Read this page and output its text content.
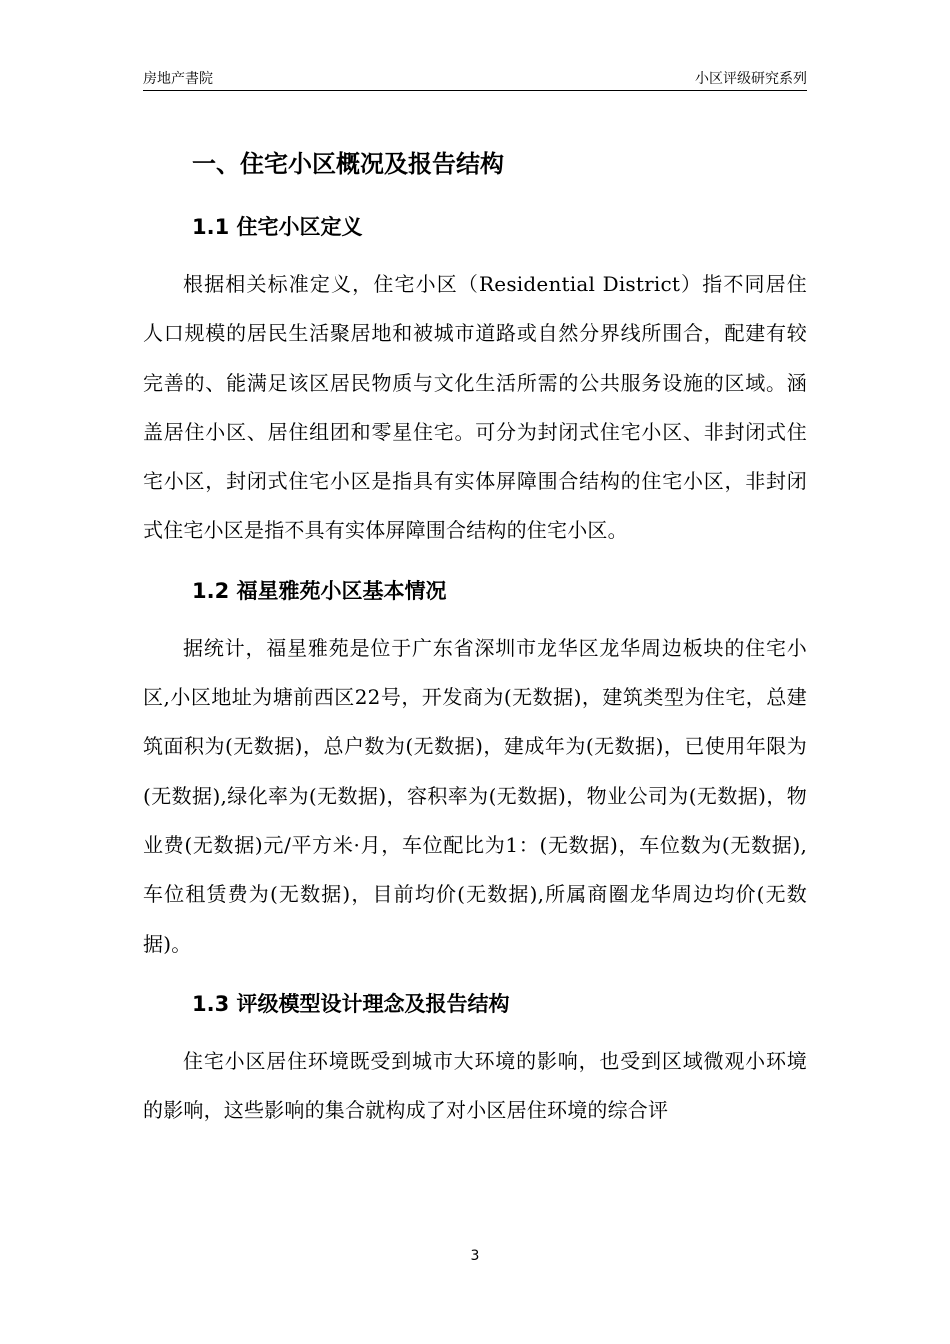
房地产書院	小区评级研究系列
一、住宅小区概况及报告结构
1.1 住宅小区定义

根据相关标准定义，住宅小区（Residential District）指不同居住人口规模的居民生活聚居地和被城市道路或自然分界线所围合，配建有较完善的、能满足该区居民物质与文化生活所需的公共服务设施的区域。涵盖居住小区、居住组团和零星住宅。可分为封闭式住宅小区、非封闭式住宅小区，封闭式住宅小区是指具有实体屏障围合结构的住宅小区，非封闭式住宅小区是指不具有实体屏障围合结构的住宅小区。

1.2 福星雅苑小区基本情况

据统计，福星雅苑是位于广东省深圳市龙华区龙华周边板块的住宅小区,小区地址为塘前西区22号，开发商为(无数据)，建筑类型为住宅，总建筑面积为(无数据)，总户数为(无数据)，建成年为(无数据)，已使用年限为(无数据),绿化率为(无数据)，容积率为(无数据)，物业公司为(无数据)，物业费(无数据)元/平方米·月，车位配比为1：(无数据)，车位数为(无数据),车位租赁费为(无数据)，目前均价(无数据),所属商圈龙华周边均价(无数据)。

1.3 评级模型设计理念及报告结构

住宅小区居住环境既受到城市大环境的影响，也受到区域微观小环境的影响，这些影响的集合就构成了对小区居住环境的综合评

3
